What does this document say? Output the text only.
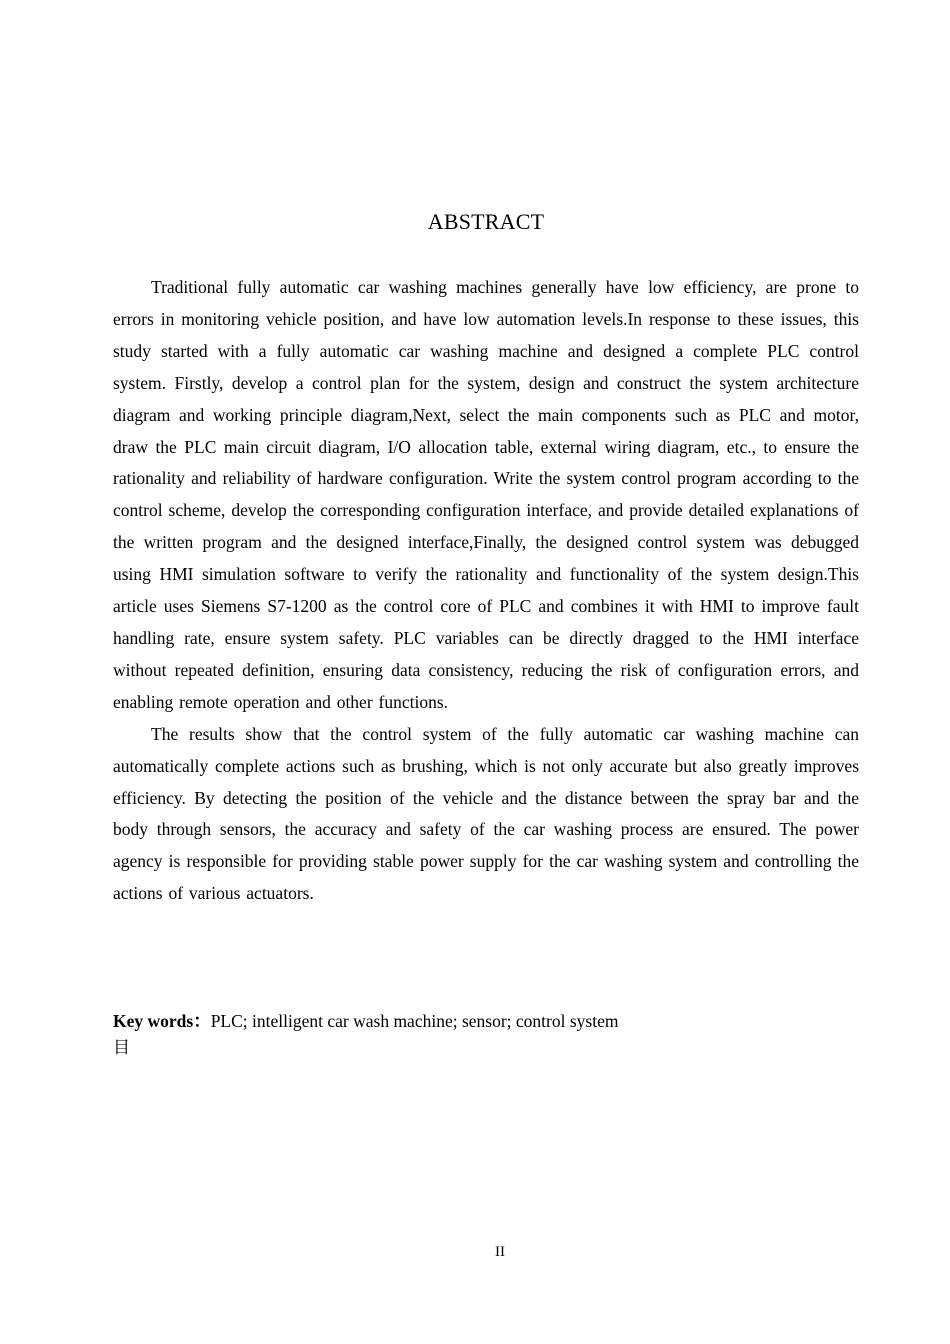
ABSTRACT

Traditional fully automatic car washing machines generally have low efficiency, are prone to errors in monitoring vehicle position, and have low automation levels.In response to these issues, this study started with a fully automatic car washing machine and designed a complete PLC control system. Firstly, develop a control plan for the system, design and construct the system architecture diagram and working principle diagram,Next, select the main components such as PLC and motor, draw the PLC main circuit diagram, I/O allocation table, external wiring diagram, etc., to ensure the rationality and reliability of hardware configuration. Write the system control program according to the control scheme, develop the corresponding configuration interface, and provide detailed explanations of the written program and the designed interface,Finally, the designed control system was debugged using HMI simulation software to verify the rationality and functionality of the system design.This article uses Siemens S7-1200 as the control core of PLC and combines it with HMI to improve fault handling rate, ensure system safety. PLC variables can be directly dragged to the HMI interface without repeated definition, ensuring data consistency, reducing the risk of configuration errors, and enabling remote operation and other functions.

The results show that the control system of the fully automatic car washing machine can automatically complete actions such as brushing, which is not only accurate but also greatly improves efficiency. By detecting the position of the vehicle and the distance between the spray bar and the body through sensors, the accuracy and safety of the car washing process are ensured. The power agency is responsible for providing stable power supply for the car washing system and controlling the actions of various actuators.

Key words：PLC; intelligent car wash machine; sensor; control system
目
II
